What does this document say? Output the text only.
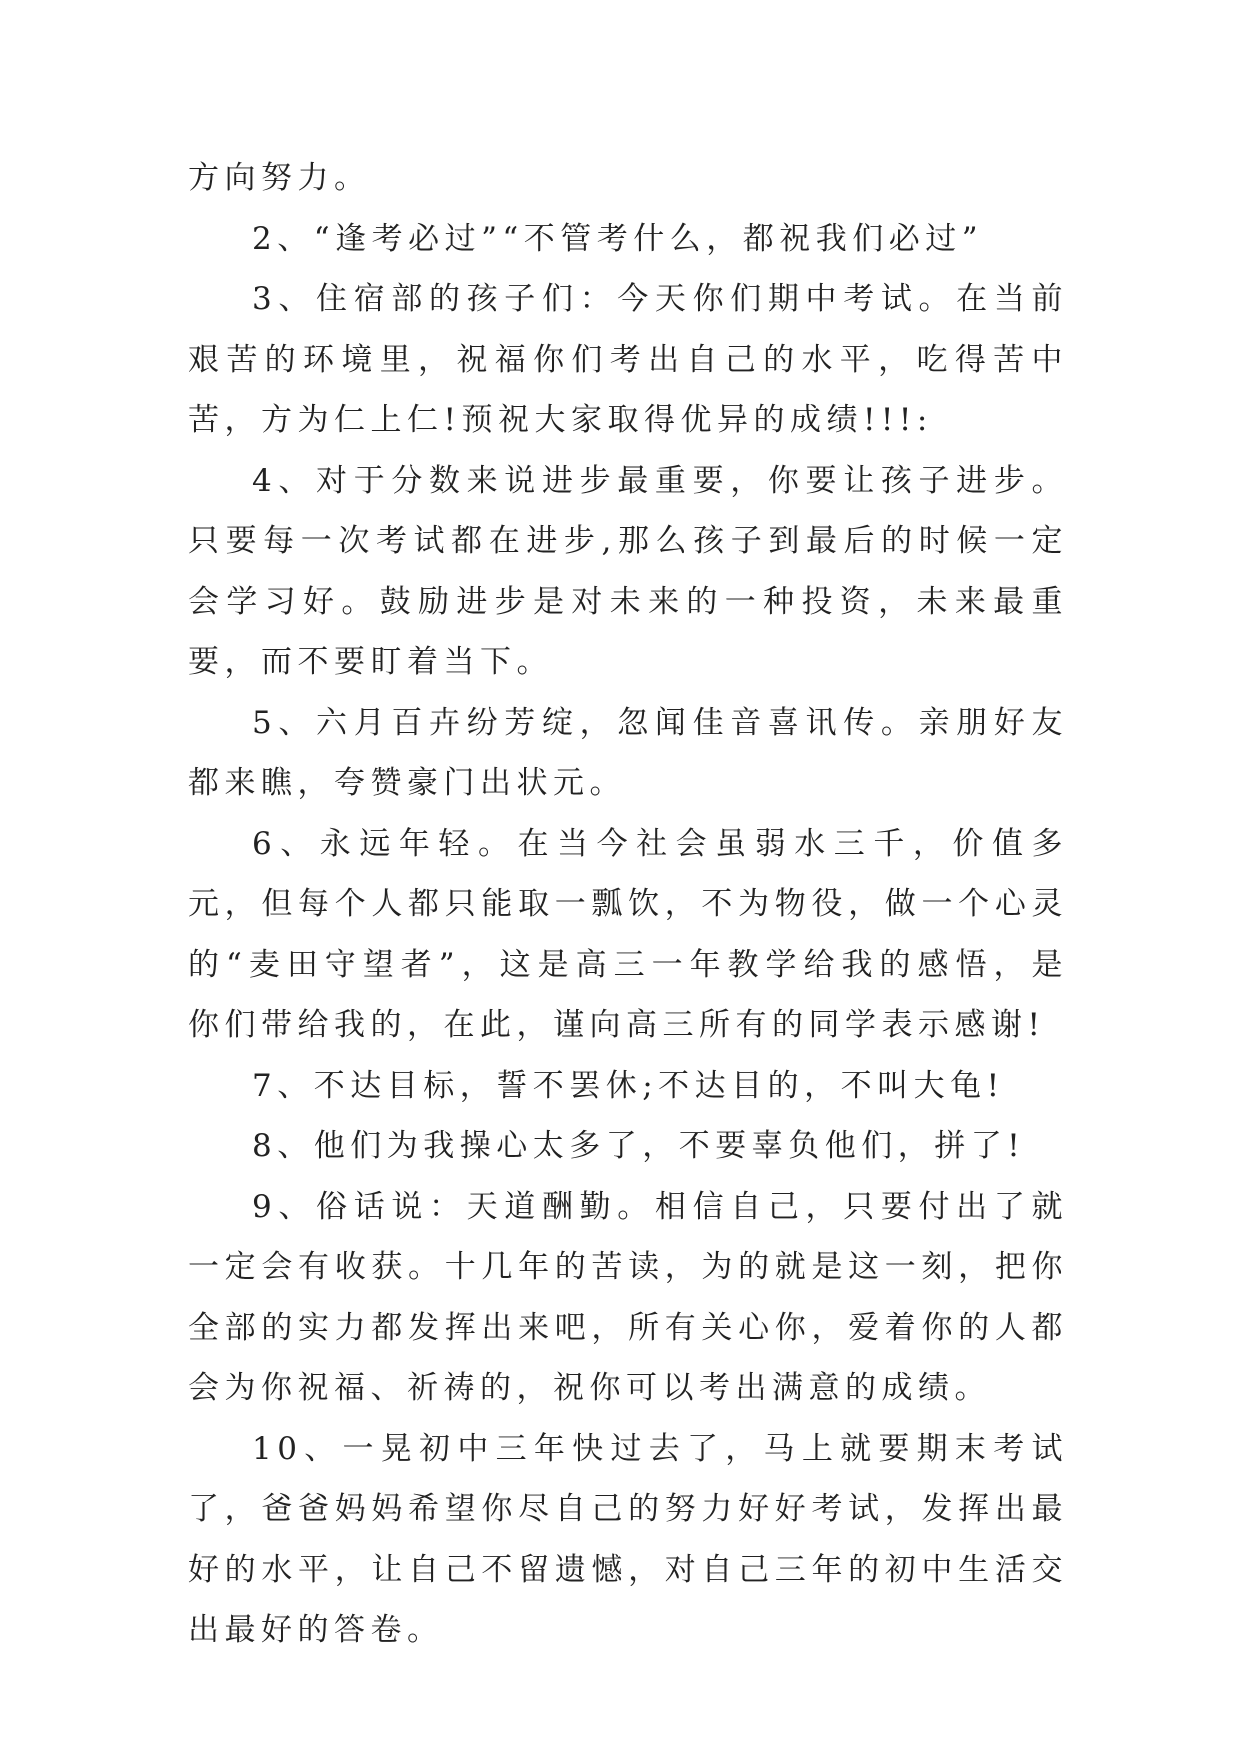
方向努力。

2、“逢考必过”“不管考什么，都祝我们必过”

3、住宿部的孩子们：今天你们期中考试。在当前艰苦的环境里，祝福你们考出自己的水平，吃得苦中苦，方为仁上仁!预祝大家取得优异的成绩!!!:

4、对于分数来说进步最重要，你要让孩子进步。只要每一次考试都在进步,那么孩子到最后的时候一定会学习好。鼓励进步是对未来的一种投资，未来最重要，而不要盯着当下。

5、六月百卉纷芳绽，忽闻佳音喜讯传。亲朋好友都来瞧，夸赞豪门出状元。

6、永远年轻。在当今社会虽弱水三千，价值多元，但每个人都只能取一瓢饮，不为物役，做一个心灵的“麦田守望者”，这是高三一年教学给我的感悟，是你们带给我的，在此，谨向高三所有的同学表示感谢!

7、不达目标，誓不罢休;不达目的，不叫大龟!

8、他们为我操心太多了，不要辜负他们，拼了!

9、俗话说：天道酬勤。相信自己，只要付出了就一定会有收获。十几年的苦读，为的就是这一刻，把你全部的实力都发挥出来吧，所有关心你，爱着你的人都会为你祝福、祈祷的，祝你可以考出满意的成绩。

10、一晃初中三年快过去了，马上就要期末考试了，爸爸妈妈希望你尽自己的努力好好考试，发挥出最好的水平，让自己不留遗憾，对自己三年的初中生活交出最好的答卷。
